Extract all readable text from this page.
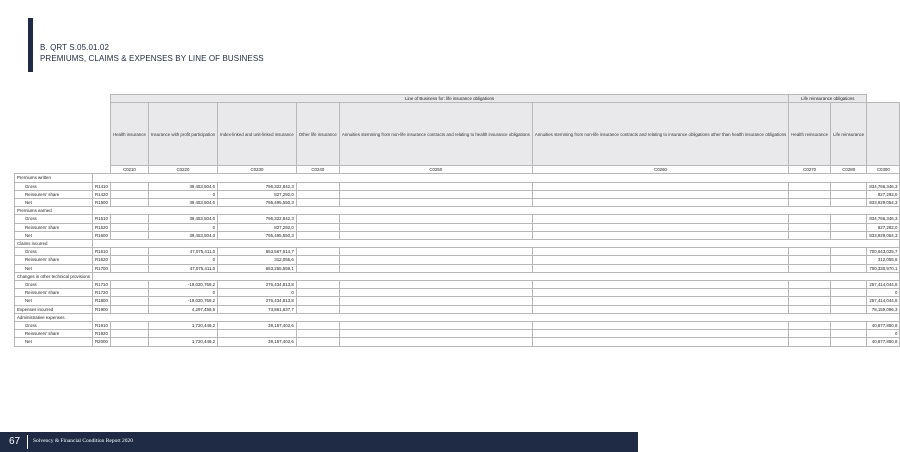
B. QRT S.05.01.02
PREMIUMS, CLAIMS & EXPENSES BY LINE OF BUSINESS
		Line of Business for: life insurance obligations						Life reinsurance obligations		
		Health insurance	Insurance with profit participation	Index-linked and unit-linked insurance	Other life insurance	Annuities stemming from non-life insurance contracts and relating to health insurance obligations	Annuities stemming from non-life insurance contracts and relating to insurance obligations other than health insurance obligations	Health reinsurance	Life reinsurance	
		C0210	C0220	C0230	C0240	C0250	C0260	C0270	C0280	C0300
Premiums written										
Gross	R1410		39,453,504,0	796,322,842,3						834,766,346,3
Reinsurers' share	R1420		0	827,292,0						827,292,0
Net	R1500		39,453,504,0	795,495,550,3						833,929,054,3
Premiums earned										
Gross	R1510		39,453,504,0	796,322,842,3						834,766,346,3
Reinsurers' share	R1520		0	827,292,0						827,292,0
Net	R1600		39,453,504,0	795,495,550,3						833,929,054,3
Claims incurred										
Gross	R1610		47,075,411,0	653,567,614,7						700,643,025,7
Reinsurers' share	R1620		0	312,055,6						312,055,6
Net	R1700		47,075,411,0	653,255,559,1						700,330,970,1
Changes in other technical provisions										
Gross	R1710		-19,020,769,2	276,434,813,8						257,414,044,6
Reinsurers' share	R1720		0	0						0
Net	R1800		-19,020,769,2	276,434,813,8						257,414,044,6
Expenses incurred	R1900		4,297,458,5	73,861,637,7						78,159,096,3
Administrative expenses										
Gross	R1910		1,720,448,2	39,157,402,6						40,877,850,8
Reinsurers' share	R1920									0
Net	R2000		1,720,448,2	39,157,402,6						40,877,850,8
67 Solvency & Financial Condition Report 2020
